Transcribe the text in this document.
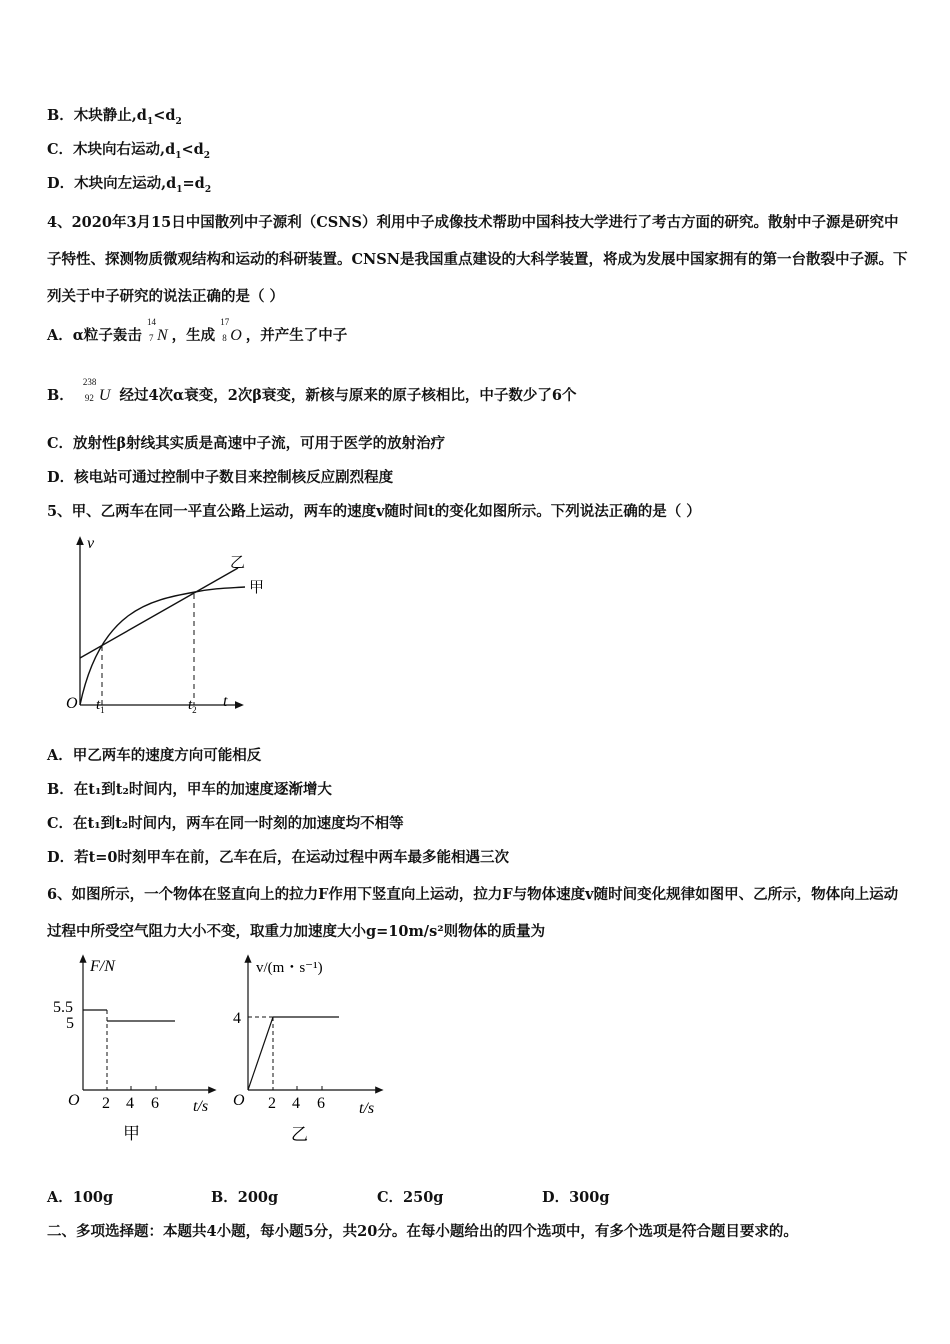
B．木块静止$,d_1<d_2$
C．木块向右运动$,d_1<d_2$
D．木块向左运动$,d_1=d_2$
4、2020年3月15日中国散列中子源利（CSNS）利用中子成像技术帮助中国科技大学进行了考古方面的研究。散射中子源是研究中子特性、探测物质微观结构和运动的科研装置。CNSN是我国重点建设的大科学装置，将成为发展中国家拥有的第一台散裂中子源。下列关于中子研究的说法正确的是（ ）
A．α粒子轰击
14
7 N ，生成
17
8 O ，并产生了中子
B．
238
92 U 经过4次α衰变，2次β衰变，新核与原来的原子核相比，中子数少了6个
C．放射性β射线其实质是高速中子流，可用于医学的放射治疗
D．核电站可通过控制中子数目来控制核反应剧烈程度
5、甲、乙两车在同一平直公路上运动，两车的速度v随时间t的变化如图所示。下列说法正确的是（ ）
v
t
O $t_1$	$t_2$
乙
甲
A．甲乙两车的速度方向可能相反
B．在t₁到t₂时间内，甲车的加速度逐渐增大
C．在t₁到t₂时间内，两车在同一时刻的加速度均不相等
D．若t=0时刻甲车在前，乙车在后，在运动过程中两车最多能相遇三次
6、如图所示，一个物体在竖直向上的拉力F作用下竖直向上运动，拉力F与物体速度v随时间变化规律如图甲、乙所示，物体向上运动过程中所受空气阻力大小不变，取重力加速度大小g=10m/s²则物体的质量为
F/N
5.5
5
O 2 4 6 t/s
甲
v/(m・s⁻¹)
4
O 2 4 6 t/s
乙
A．100g	B．200g	C．250g	D．300g
二、多项选择题：本题共4小题，每小题5分，共20分。在每小题给出的四个选项中，有多个选项是符合题目要求的。
